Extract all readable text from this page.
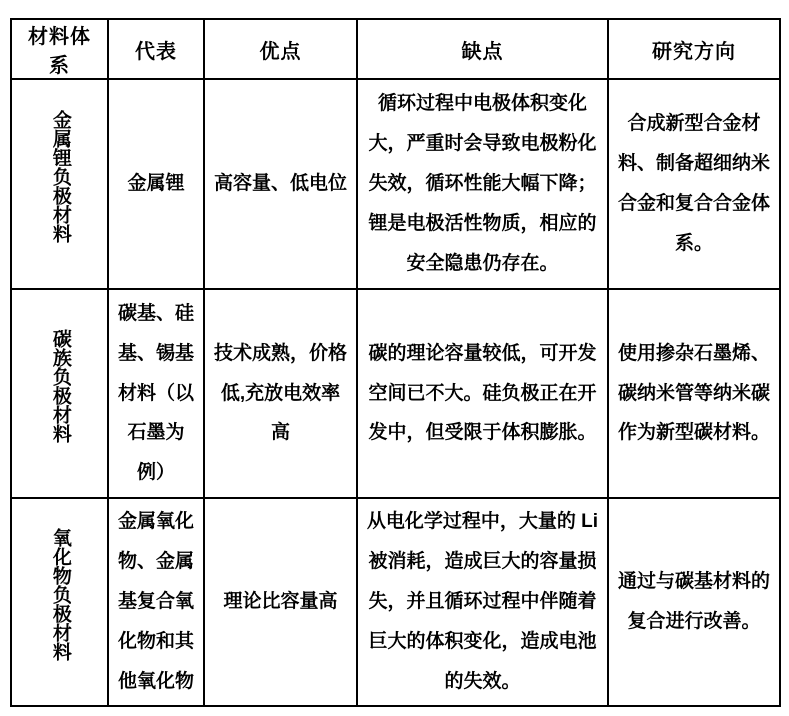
材料体系	代表	优点	缺点	研究方向
金属锂负极材料	金属锂	高容量、低电位	循环过程中电极体积变化大，严重时会导致电极粉化失效，循环性能大幅下降；锂是电极活性物质，相应的安全隐患仍存在。	合成新型合金材料、制备超细纳米合金和复合合金体系。
碳族负极材料	碳基、硅基、锡基材料（以石墨为例）	技术成熟，价格低,充放电效率高	碳的理论容量较低，可开发空间已不大。硅负极正在开发中，但受限于体积膨胀。	使用掺杂石墨烯、碳纳米管等纳米碳作为新型碳材料。
氧化物负极材料	金属氧化物、金属基复合氧化物和其他氧化物	理论比容量高	从电化学过程中，大量的 Li 被消耗，造成巨大的容量损失，并且循环过程中伴随着巨大的体积变化，造成电池的失效。	通过与碳基材料的复合进行改善。
